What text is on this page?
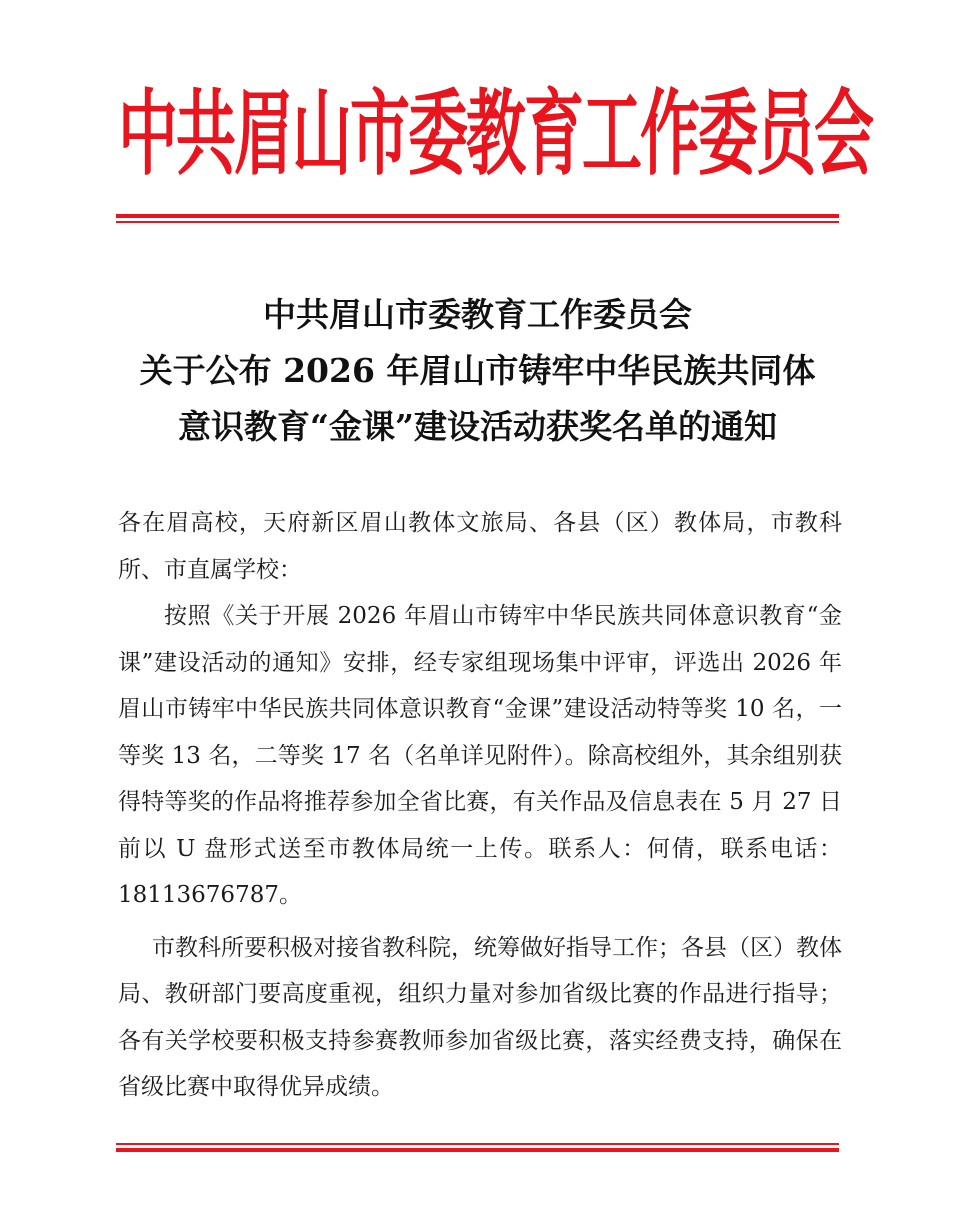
中共眉山市委教育工作委员会
中共眉山市委教育工作委员会
关于公布 2026 年眉山市铸牢中华民族共同体
意识教育“金课”建设活动获奖名单的通知

各在眉高校，天府新区眉山教体文旅局、各县（区）教体局，市教科所、市直属学校：

按照《关于开展 2026 年眉山市铸牢中华民族共同体意识教育“金课”建设活动的通知》安排，经专家组现场集中评审，评选出 2026 年眉山市铸牢中华民族共同体意识教育“金课”建设活动特等奖 10 名，一等奖 13 名，二等奖 17 名（名单详见附件）。除高校组外，其余组别获得特等奖的作品将推荐参加全省比赛，有关作品及信息表在 5 月 27 日前以 U 盘形式送至市教体局统一上传。联系人：何倩，联系电话：18113676787。

市教科所要积极对接省教科院，统筹做好指导工作；各县（区）教体局、教研部门要高度重视，组织力量对参加省级比赛的作品进行指导；各有关学校要积极支持参赛教师参加省级比赛，落实经费支持，确保在省级比赛中取得优异成绩。
